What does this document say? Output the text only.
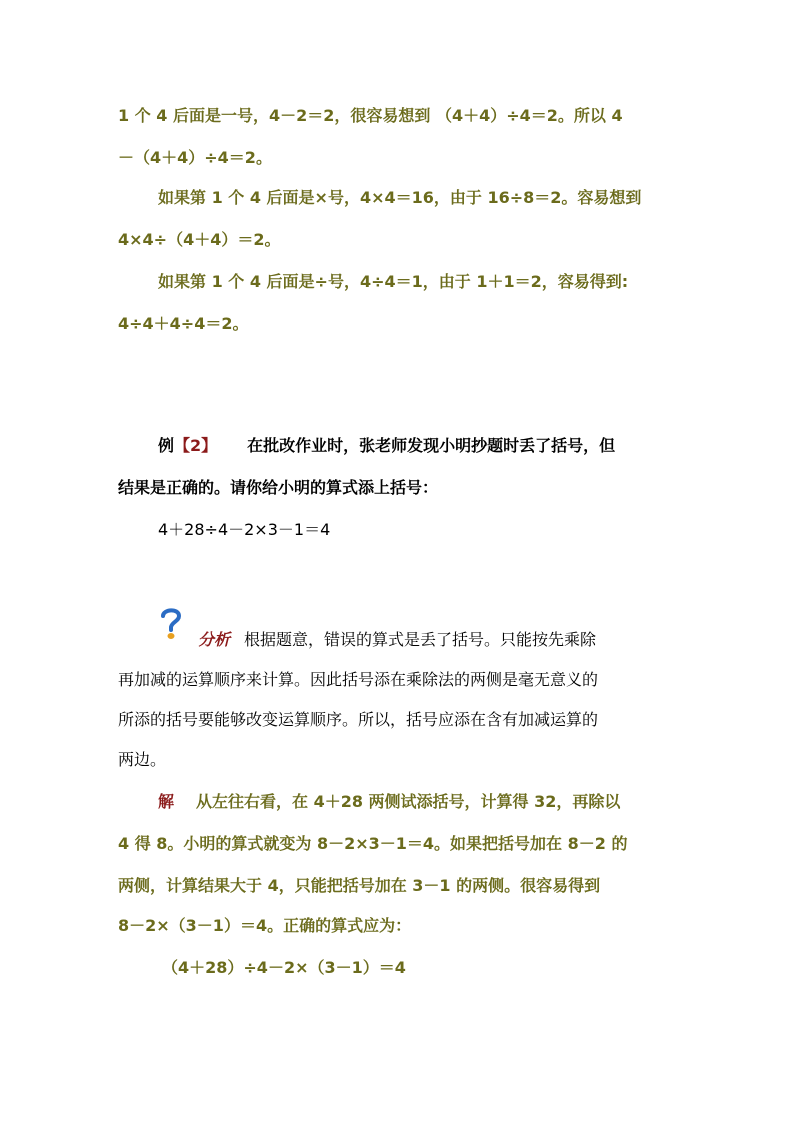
1 个 4 后面是一号，4－2＝2，很容易想到 （4＋4）÷4＝2。所以 4
－（4＋4）÷4＝2。
如果第 1 个 4 后面是×号，4×4＝16，由于 16÷8＝2。容易想到
4×4÷（4＋4）＝2。
如果第 1 个 4 后面是÷号，4÷4＝1，由于 1＋1＝2，容易得到:
4÷4＋4÷4＝2。
例【2】 在批改作业时，张老师发现小明抄题时丢了括号，但
结果是正确的。请你给小明的算式添上括号：
4＋28÷4－2×3－1＝4
分析 根据题意，错误的算式是丢了括号。只能按先乘除
再加减的运算顺序来计算。因此括号添在乘除法的两侧是毫无意义的
所添的括号要能够改变运算顺序。所以，括号应添在含有加减运算的
两边。
解 从左往右看，在 4＋28 两侧试添括号，计算得 32，再除以
4 得 8。小明的算式就变为 8－2×3－1＝4。如果把括号加在 8－2 的
两侧，计算结果大于 4，只能把括号加在 3－1 的两侧。很容易得到
8－2×（3－1）＝4。正确的算式应为：
（4＋28）÷4－2×（3－1）＝4
